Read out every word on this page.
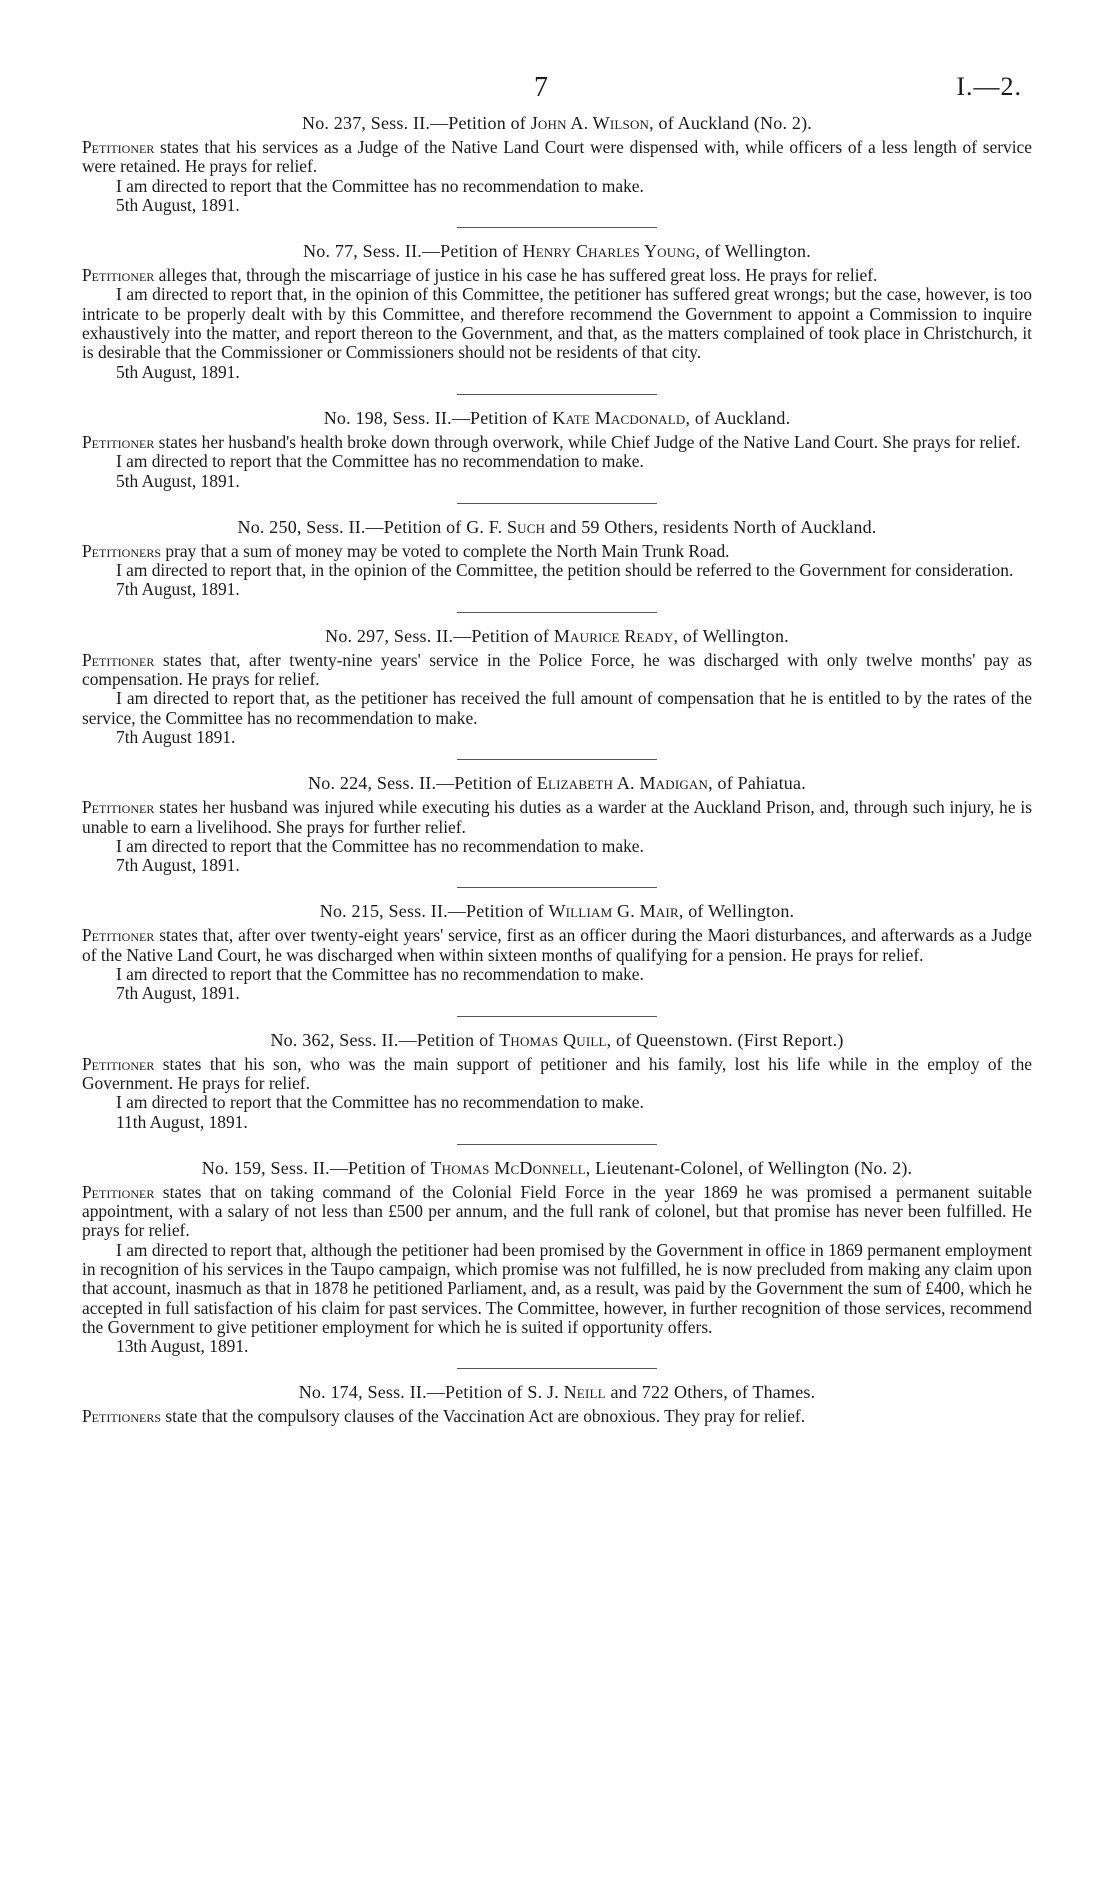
7	I.—2.

No. 237, Sess. II.—Petition of John A. Wilson, of Auckland (No. 2).

Petitioner states that his services as a Judge of the Native Land Court were dispensed with, while officers of a less length of service were retained. He prays for relief.

I am directed to report that the Committee has no recommendation to make.

5th August, 1891.

No. 77, Sess. II.—Petition of Henry Charles Young, of Wellington.

Petitioner alleges that, through the miscarriage of justice in his case he has suffered great loss. He prays for relief.

I am directed to report that, in the opinion of this Committee, the petitioner has suffered great wrongs; but the case, however, is too intricate to be properly dealt with by this Committee, and therefore recommend the Government to appoint a Commission to inquire exhaustively into the matter, and report thereon to the Government, and that, as the matters complained of took place in Christchurch, it is desirable that the Commissioner or Commissioners should not be residents of that city.

5th August, 1891.

No. 198, Sess. II.—Petition of Kate Macdonald, of Auckland.

Petitioner states her husband's health broke down through overwork, while Chief Judge of the Native Land Court. She prays for relief.

I am directed to report that the Committee has no recommendation to make.

5th August, 1891.

No. 250, Sess. II.—Petition of G. F. Such and 59 Others, residents North of Auckland.

Petitioners pray that a sum of money may be voted to complete the North Main Trunk Road.

I am directed to report that, in the opinion of the Committee, the petition should be referred to the Government for consideration.

7th August, 1891.

No. 297, Sess. II.—Petition of Maurice Ready, of Wellington.

Petitioner states that, after twenty-nine years' service in the Police Force, he was discharged with only twelve months' pay as compensation. He prays for relief.

I am directed to report that, as the petitioner has received the full amount of compensation that he is entitled to by the rates of the service, the Committee has no recommendation to make.

7th August 1891.

No. 224, Sess. II.—Petition of Elizabeth A. Madigan, of Pahiatua.

Petitioner states her husband was injured while executing his duties as a warder at the Auckland Prison, and, through such injury, he is unable to earn a livelihood. She prays for further relief.

I am directed to report that the Committee has no recommendation to make.

7th August, 1891.

No. 215, Sess. II.—Petition of William G. Mair, of Wellington.

Petitioner states that, after over twenty-eight years' service, first as an officer during the Maori disturbances, and afterwards as a Judge of the Native Land Court, he was discharged when within sixteen months of qualifying for a pension. He prays for relief.

I am directed to report that the Committee has no recommendation to make.

7th August, 1891.

No. 362, Sess. II.—Petition of Thomas Quill, of Queenstown. (First Report.)

Petitioner states that his son, who was the main support of petitioner and his family, lost his life while in the employ of the Government. He prays for relief.

I am directed to report that the Committee has no recommendation to make.

11th August, 1891.

No. 159, Sess. II.—Petition of Thomas McDonnell, Lieutenant-Colonel, of Wellington (No. 2).

Petitioner states that on taking command of the Colonial Field Force in the year 1869 he was promised a permanent suitable appointment, with a salary of not less than £500 per annum, and the full rank of colonel, but that promise has never been fulfilled. He prays for relief.

I am directed to report that, although the petitioner had been promised by the Government in office in 1869 permanent employment in recognition of his services in the Taupo campaign, which promise was not fulfilled, he is now precluded from making any claim upon that account, inasmuch as that in 1878 he petitioned Parliament, and, as a result, was paid by the Government the sum of £400, which he accepted in full satisfaction of his claim for past services. The Committee, however, in further recognition of those services, recommend the Government to give petitioner employment for which he is suited if opportunity offers.

13th August, 1891.

No. 174, Sess. II.—Petition of S. J. Neill and 722 Others, of Thames.

Petitioners state that the compulsory clauses of the Vaccination Act are obnoxious. They pray for relief.
